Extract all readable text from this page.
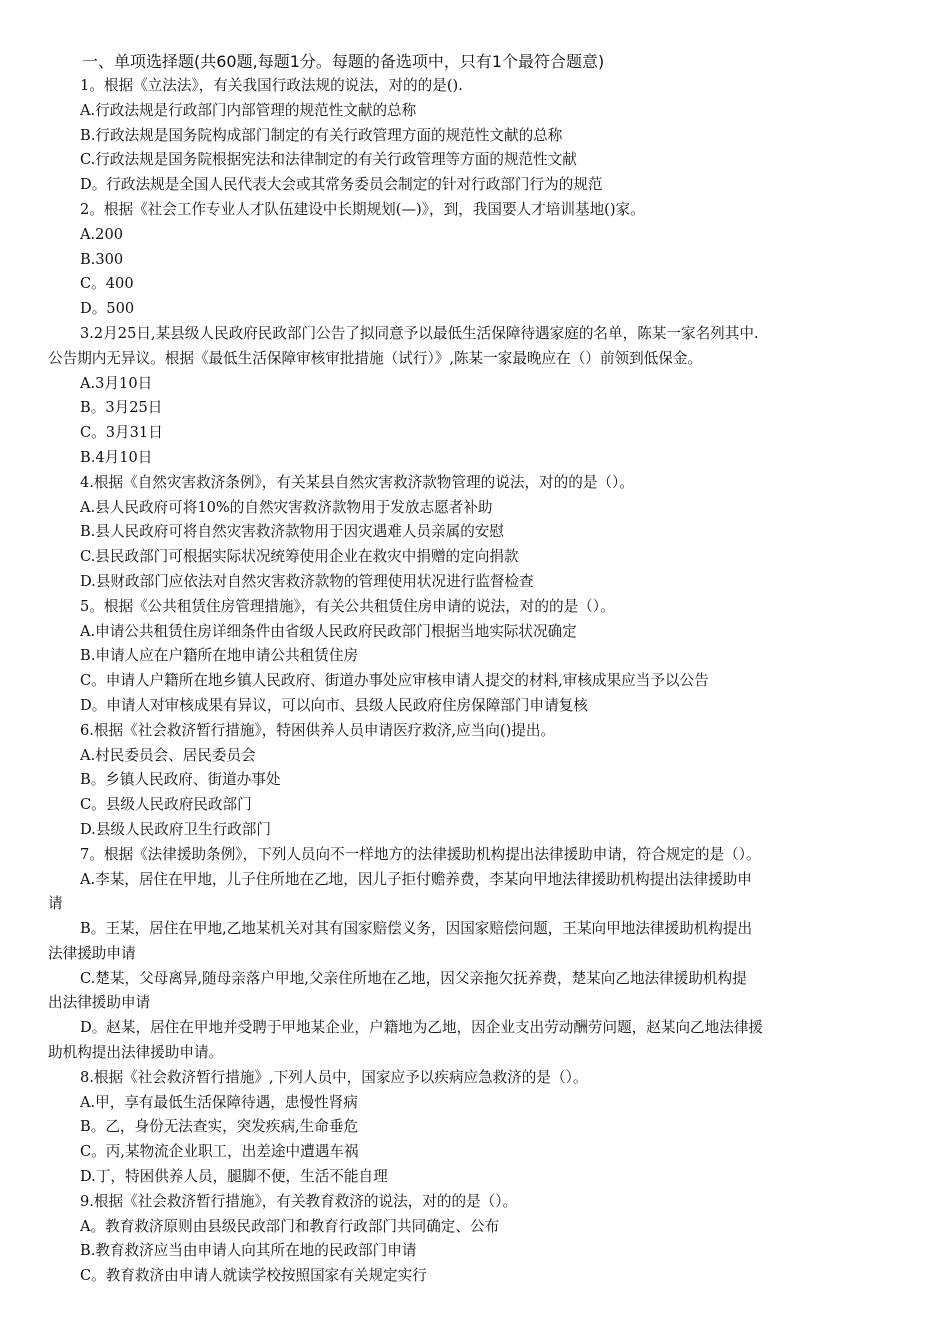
一、单项选择题(共60题,每题1分。每题的备选项中，只有1个最符合题意)
1。根据《立法法》，有关我国行政法规的说法，对的的是().
A.行政法规是行政部门内部管理的规范性文献的总称
B.行政法规是国务院构成部门制定的有关行政管理方面的规范性文献的总称
C.行政法规是国务院根据宪法和法律制定的有关行政管理等方面的规范性文献
D。行政法规是全国人民代表大会或其常务委员会制定的针对行政部门行为的规范
2。根据《社会工作专业人才队伍建设中长期规划(—)》，到，我国要人才培训基地()家。
A.200
B.300
C。400
D。500
3.2月25日,某县级人民政府民政部门公告了拟同意予以最低生活保障待遇家庭的名单，陈某一家名列其中.
公告期内无异议。根据《最低生活保障审核审批措施（试行）》,陈某一家最晚应在（）前领到低保金。
A.3月10日
B。3月25日
C。3月31日
B.4月10日
4.根据《自然灾害救济条例》，有关某县自然灾害救济款物管理的说法，对的的是（）。
A.县人民政府可将10%的自然灾害救济款物用于发放志愿者补助
B.县人民政府可将自然灾害救济款物用于因灾遇难人员亲属的安慰
C.县民政部门可根据实际状况统筹使用企业在救灾中捐赠的定向捐款
D.县财政部门应依法对自然灾害救济款物的管理使用状况进行监督检查
5。根据《公共租赁住房管理措施》，有关公共租赁住房申请的说法，对的的是（）。
A.申请公共租赁住房详细条件由省级人民政府民政部门根据当地实际状况确定
B.申请人应在户籍所在地申请公共租赁住房
C。申请人户籍所在地乡镇人民政府、街道办事处应审核申请人提交的材料,审核成果应当予以公告
D。申请人对审核成果有异议，可以向市、县级人民政府住房保障部门申请复核
6.根据《社会救济暂行措施》，特困供养人员申请医疗救济,应当向()提出。
A.村民委员会、居民委员会
B。乡镇人民政府、街道办事处
C。县级人民政府民政部门
D.县级人民政府卫生行政部门
7。根据《法律援助条例》，下列人员向不一样地方的法律援助机构提出法律援助申请，符合规定的是（）。
A.李某，居住在甲地，儿子住所地在乙地，因儿子拒付赡养费，李某向甲地法律援助机构提出法律援助申
请
B。王某，居住在甲地,乙地某机关对其有国家赔偿义务，因国家赔偿问题，王某向甲地法律援助机构提出
法律援助申请
C.楚某，父母离异,随母亲落户甲地,父亲住所地在乙地，因父亲拖欠抚养费，楚某向乙地法律援助机构提
出法律援助申请
D。赵某，居住在甲地并受聘于甲地某企业，户籍地为乙地，因企业支出劳动酬劳问题，赵某向乙地法律援
助机构提出法律援助申请。
8.根据《社会救济暂行措施》,下列人员中，国家应予以疾病应急救济的是（）。
A.甲，享有最低生活保障待遇，患慢性肾病
B。乙，身份无法查实，突发疾病,生命垂危
C。丙,某物流企业职工，出差途中遭遇车祸
D.丁，特困供养人员，腿脚不便，生活不能自理
9.根据《社会救济暂行措施》，有关教育救济的说法，对的的是（）。
A。教育救济原则由县级民政部门和教育行政部门共同确定、公布
B.教育救济应当由申请人向其所在地的民政部门申请
C。教育救济由申请人就读学校按照国家有关规定实行
